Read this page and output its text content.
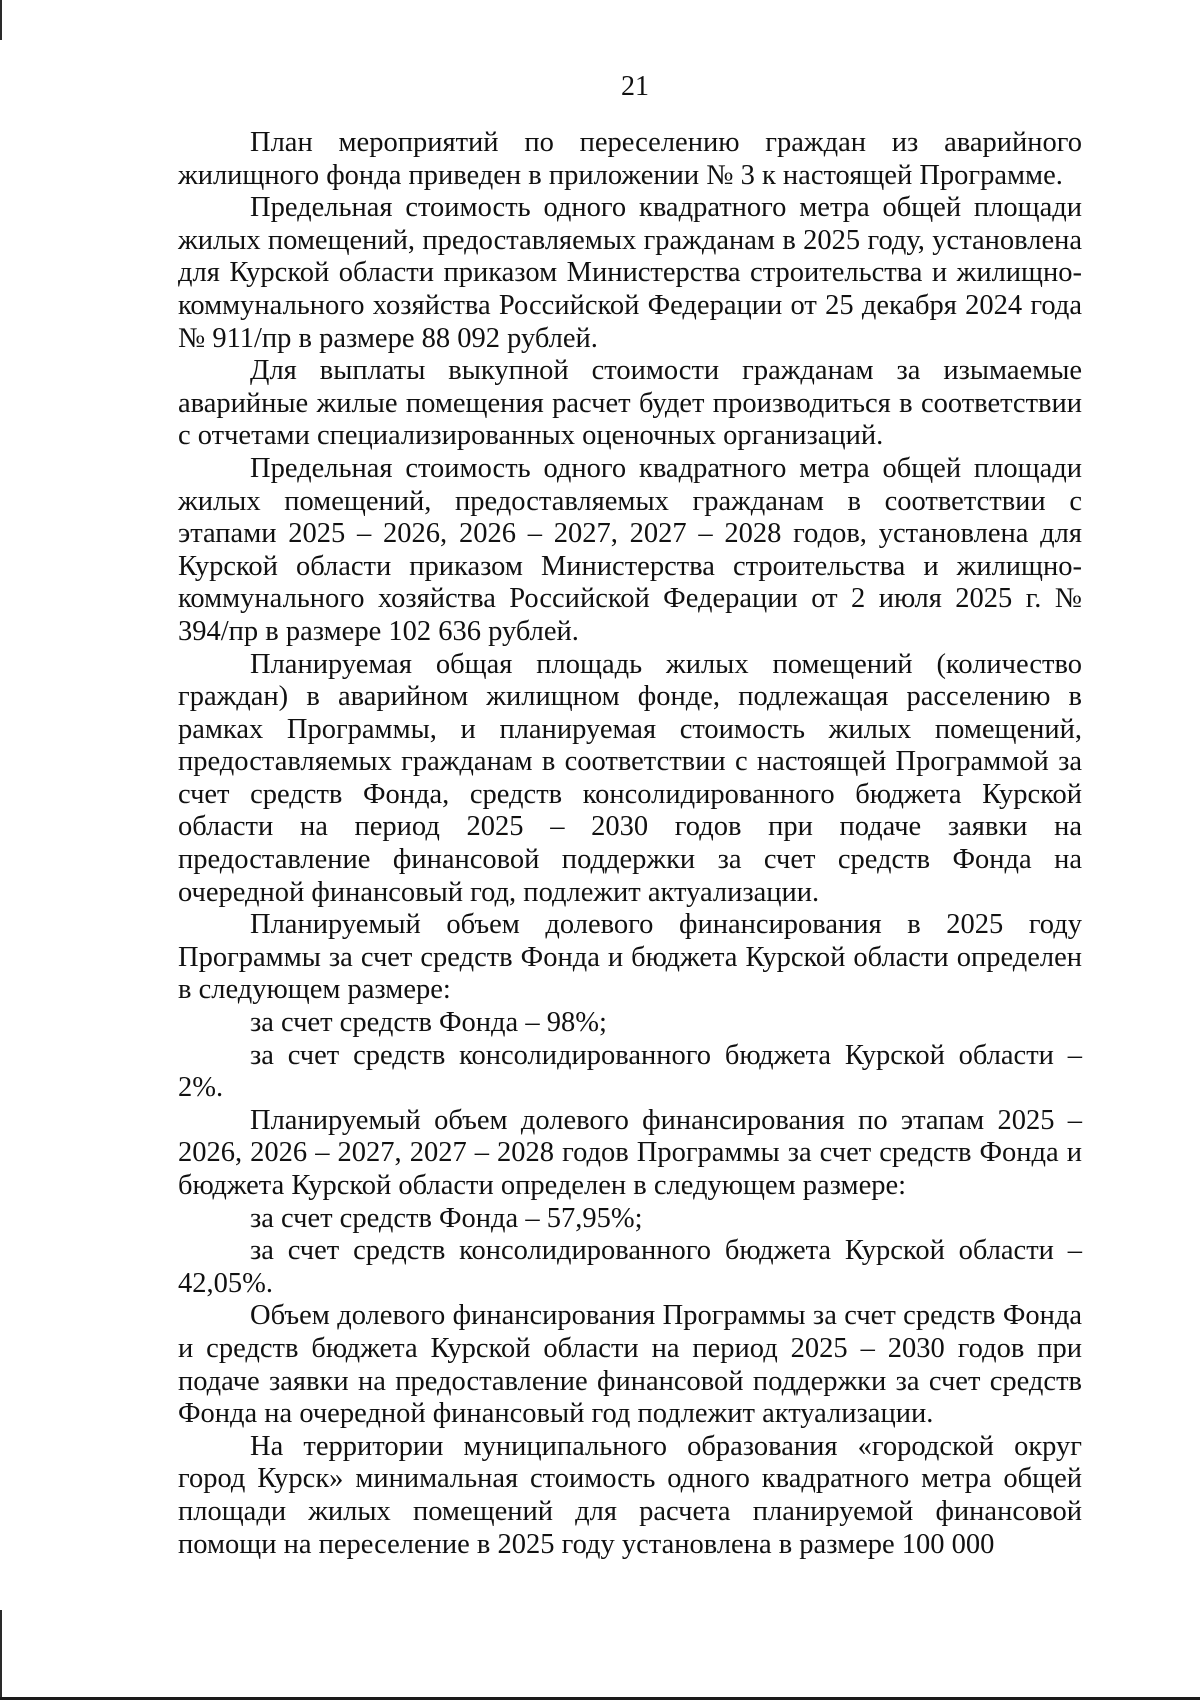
21

План мероприятий по переселению граждан из аварийного жилищного фонда приведен в приложении № 3 к настоящей Программе.

Предельная стоимость одного квадратного метра общей площади жилых помещений, предоставляемых гражданам в 2025 году, установлена для Курской области приказом Министерства строительства и жилищно-коммунального хозяйства Российской Федерации от 25 декабря 2024 года № 911/пр в размере 88 092 рублей.

Для выплаты выкупной стоимости гражданам за изымаемые аварийные жилые помещения расчет будет производиться в соответствии с отчетами специализированных оценочных организаций.

Предельная стоимость одного квадратного метра общей площади жилых помещений, предоставляемых гражданам в соответствии с этапами 2025 – 2026, 2026 – 2027, 2027 – 2028 годов, установлена для Курской области приказом Министерства строительства и жилищно-коммунального хозяйства Российской Федерации от 2 июля 2025 г. № 394/пр в размере 102 636 рублей.

Планируемая общая площадь жилых помещений (количество граждан) в аварийном жилищном фонде, подлежащая расселению в рамках Программы, и планируемая стоимость жилых помещений, предоставляемых гражданам в соответствии с настоящей Программой за счет средств Фонда, средств консолидированного бюджета Курской области на период 2025 – 2030 годов при подаче заявки на предоставление финансовой поддержки за счет средств Фонда на очередной финансовый год, подлежит актуализации.

Планируемый объем долевого финансирования в 2025 году Программы за счет средств Фонда и бюджета Курской области определен в следующем размере:

за счет средств Фонда – 98%;

за счет средств консолидированного бюджета Курской области – 2%.

Планируемый объем долевого финансирования по этапам 2025 – 2026, 2026 – 2027, 2027 – 2028 годов Программы за счет средств Фонда и бюджета Курской области определен в следующем размере:

за счет средств Фонда – 57,95%;

за счет средств консолидированного бюджета Курской области – 42,05%.

Объем долевого финансирования Программы за счет средств Фонда и средств бюджета Курской области на период 2025 – 2030 годов при подаче заявки на предоставление финансовой поддержки за счет средств Фонда на очередной финансовый год подлежит актуализации.

На территории муниципального образования «городской округ город Курск» минимальная стоимость одного квадратного метра общей площади жилых помещений для расчета планируемой финансовой помощи на переселение в 2025 году установлена в размере 100 000
